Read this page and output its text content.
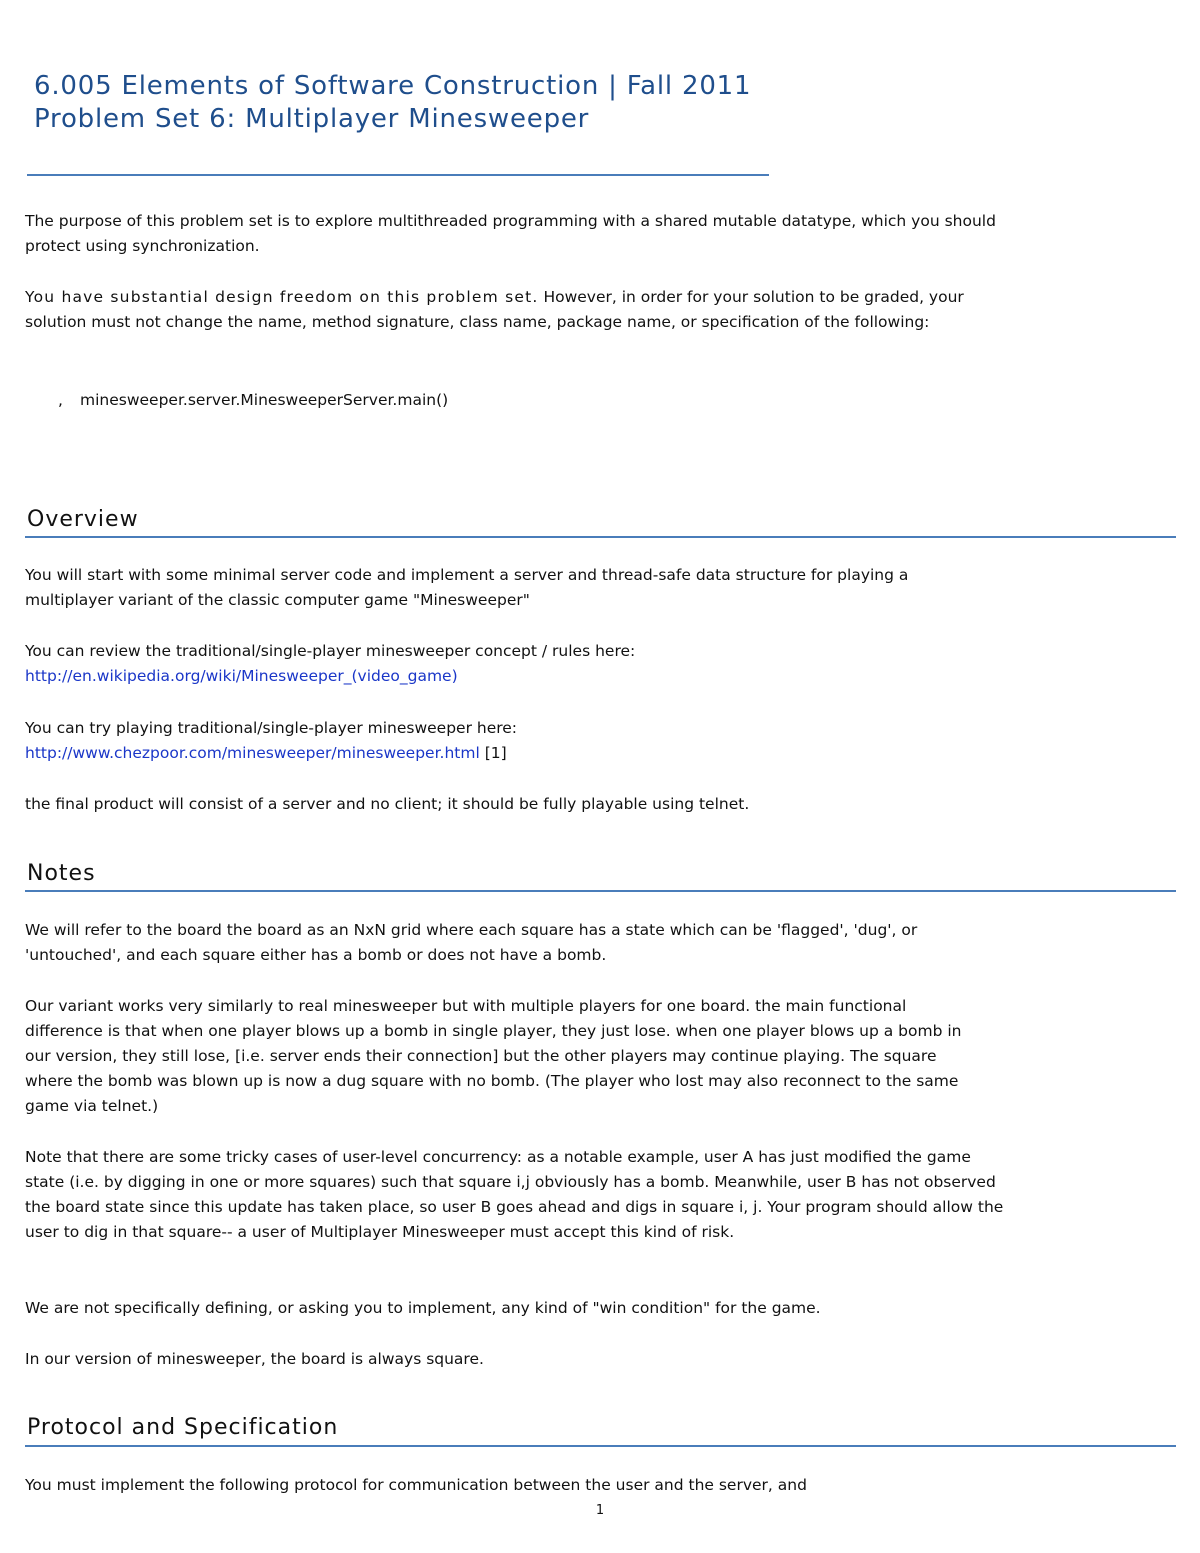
6.005 Elements of Software Construction | Fall 2011
Problem Set 6: Multiplayer Minesweeper

The purpose of this problem set is to explore multithreaded programming with a shared mutable datatype, which you should protect using synchronization.

You have substantial design freedom on this problem set. However, in order for your solution to be graded, your solution must not change the name, method signature, class name, package name, or specification of the following:

, minesweeper.server.MinesweeperServer.main()

Overview

You will start with some minimal server code and implement a server and thread-safe data structure for playing a multiplayer variant of the classic computer game "Minesweeper"

You can review the traditional/single-player minesweeper concept / rules here: http://en.wikipedia.org/wiki/Minesweeper_(video_game)

You can try playing traditional/single-player minesweeper here: http://www.chezpoor.com/minesweeper/minesweeper.html [1]

the final product will consist of a server and no client; it should be fully playable using telnet.

Notes

We will refer to the board the board as an NxN grid where each square has a state which can be 'flagged', 'dug', or 'untouched', and each square either has a bomb or does not have a bomb.

Our variant works very similarly to real minesweeper but with multiple players for one board. the main functional difference is that when one player blows up a bomb in single player, they just lose. when one player blows up a bomb in our version, they still lose, [i.e. server ends their connection] but the other players may continue playing. The square where the bomb was blown up is now a dug square with no bomb. (The player who lost may also reconnect to the same game via telnet.)

Note that there are some tricky cases of user-level concurrency: as a notable example, user A has just modified the game state (i.e. by digging in one or more squares) such that square i,j obviously has a bomb. Meanwhile, user B has not observed the board state since this update has taken place, so user B goes ahead and digs in square i, j. Your program should allow the user to dig in that square-- a user of Multiplayer Minesweeper must accept this kind of risk.

We are not specifically defining, or asking you to implement, any kind of "win condition" for the game.

In our version of minesweeper, the board is always square.

Protocol and Specification

You must implement the following protocol for communication between the user and the server, and

1
